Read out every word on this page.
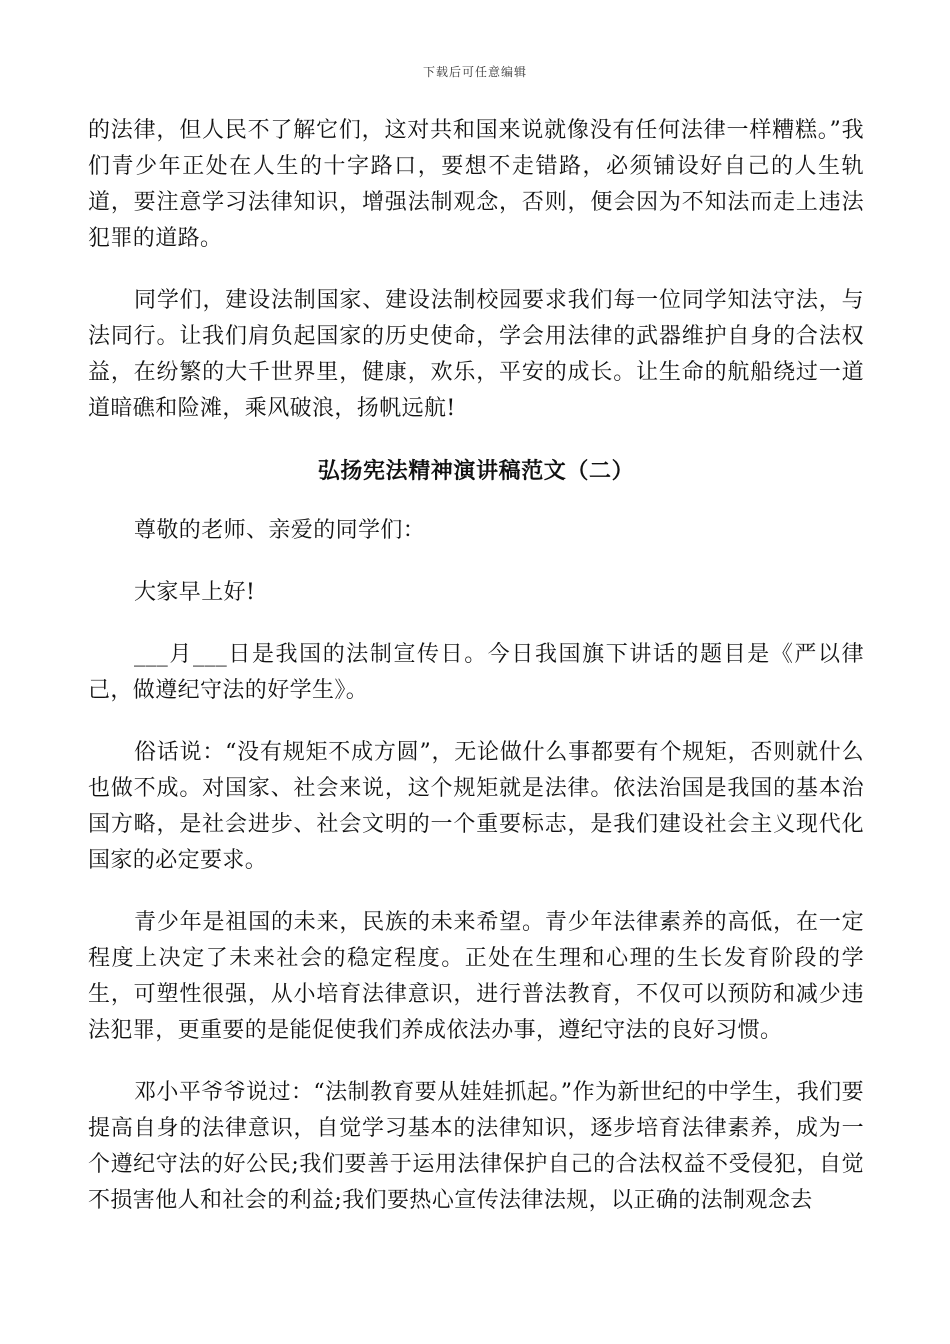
下载后可任意编辑

的法律，但人民不了解它们，这对共和国来说就像没有任何法律一样糟糕。”我们青少年正处在人生的十字路口，要想不走错路，必须铺设好自己的人生轨道，要注意学习法律知识，增强法制观念，否则，便会因为不知法而走上违法犯罪的道路。

同学们，建设法制国家、建设法制校园要求我们每一位同学知法守法，与法同行。让我们肩负起国家的历史使命，学会用法律的武器维护自身的合法权益，在纷繁的大千世界里，健康，欢乐，平安的成长。让生命的航船绕过一道道暗礁和险滩，乘风破浪，扬帆远航!

弘扬宪法精神演讲稿范文（二）

尊敬的老师、亲爱的同学们：

大家早上好!

___月___日是我国的法制宣传日。今日我国旗下讲话的题目是《严以律己，做遵纪守法的好学生》。

俗话说：“没有规矩不成方圆”，无论做什么事都要有个规矩，否则就什么也做不成。对国家、社会来说，这个规矩就是法律。依法治国是我国的基本治国方略，是社会进步、社会文明的一个重要标志，是我们建设社会主义现代化国家的必定要求。

青少年是祖国的未来，民族的未来希望。青少年法律素养的高低，在一定程度上决定了未来社会的稳定程度。正处在生理和心理的生长发育阶段的学生，可塑性很强，从小培育法律意识，进行普法教育，不仅可以预防和减少违法犯罪，更重要的是能促使我们养成依法办事，遵纪守法的良好习惯。

邓小平爷爷说过：“法制教育要从娃娃抓起。”作为新世纪的中学生，我们要提高自身的法律意识，自觉学习基本的法律知识，逐步培育法律素养，成为一个遵纪守法的好公民;我们要善于运用法律保护自己的合法权益不受侵犯，自觉不损害他人和社会的利益;我们要热心宣传法律法规，以正确的法制观念去
